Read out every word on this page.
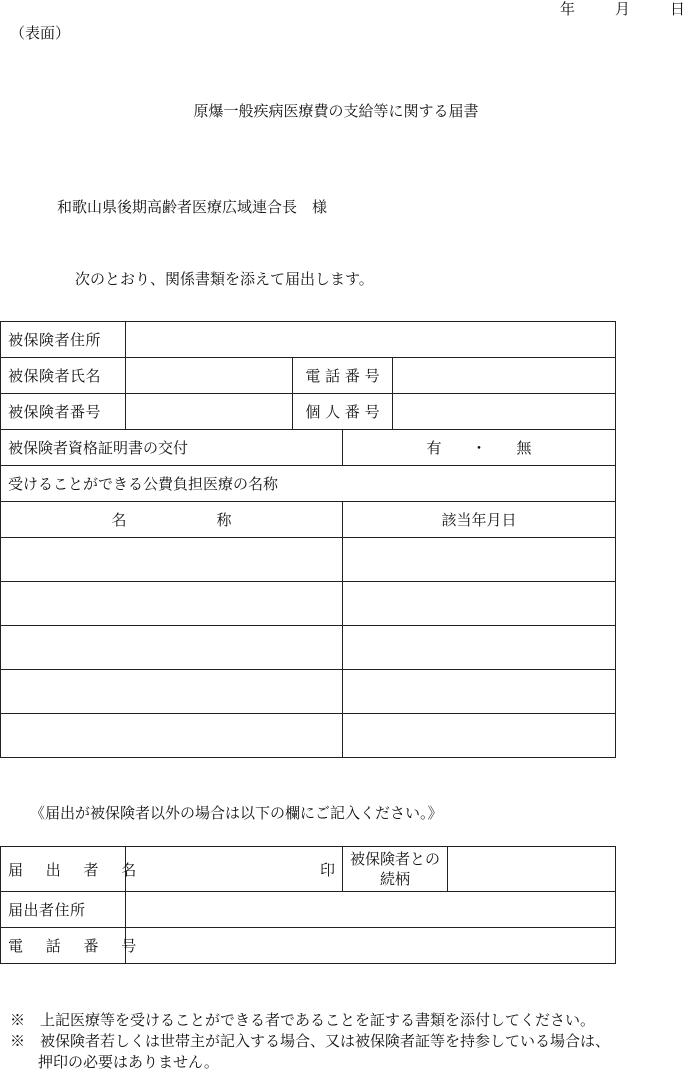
年	月	日
（表面）
原爆一般疾病医療費の支給等に関する届書
和歌山県後期高齢者医療広域連合長　様
次のとおり、関係書類を添えて届出します。
被保険者住所				
被保険者氏名		電 話 番 号		
被保険者番号		個 人 番 号		
被保険者資格証明書の交付			有　　・　　無	
受けることができる公費負担医療の名称				
名　　　　　　称			該当年月日	

《届出が被保険者以外の場合は以下の欄にご記入ください。》
届 出 者 名	印	被保険者との続柄	
届出者住所			
電 話 番 号			
※　上記医療等を受けることができる者であることを証する書類を添付してください。
※　被保険者若しくは世帯主が記入する場合、又は被保険者証等を持参している場合は、
押印の必要はありません。
